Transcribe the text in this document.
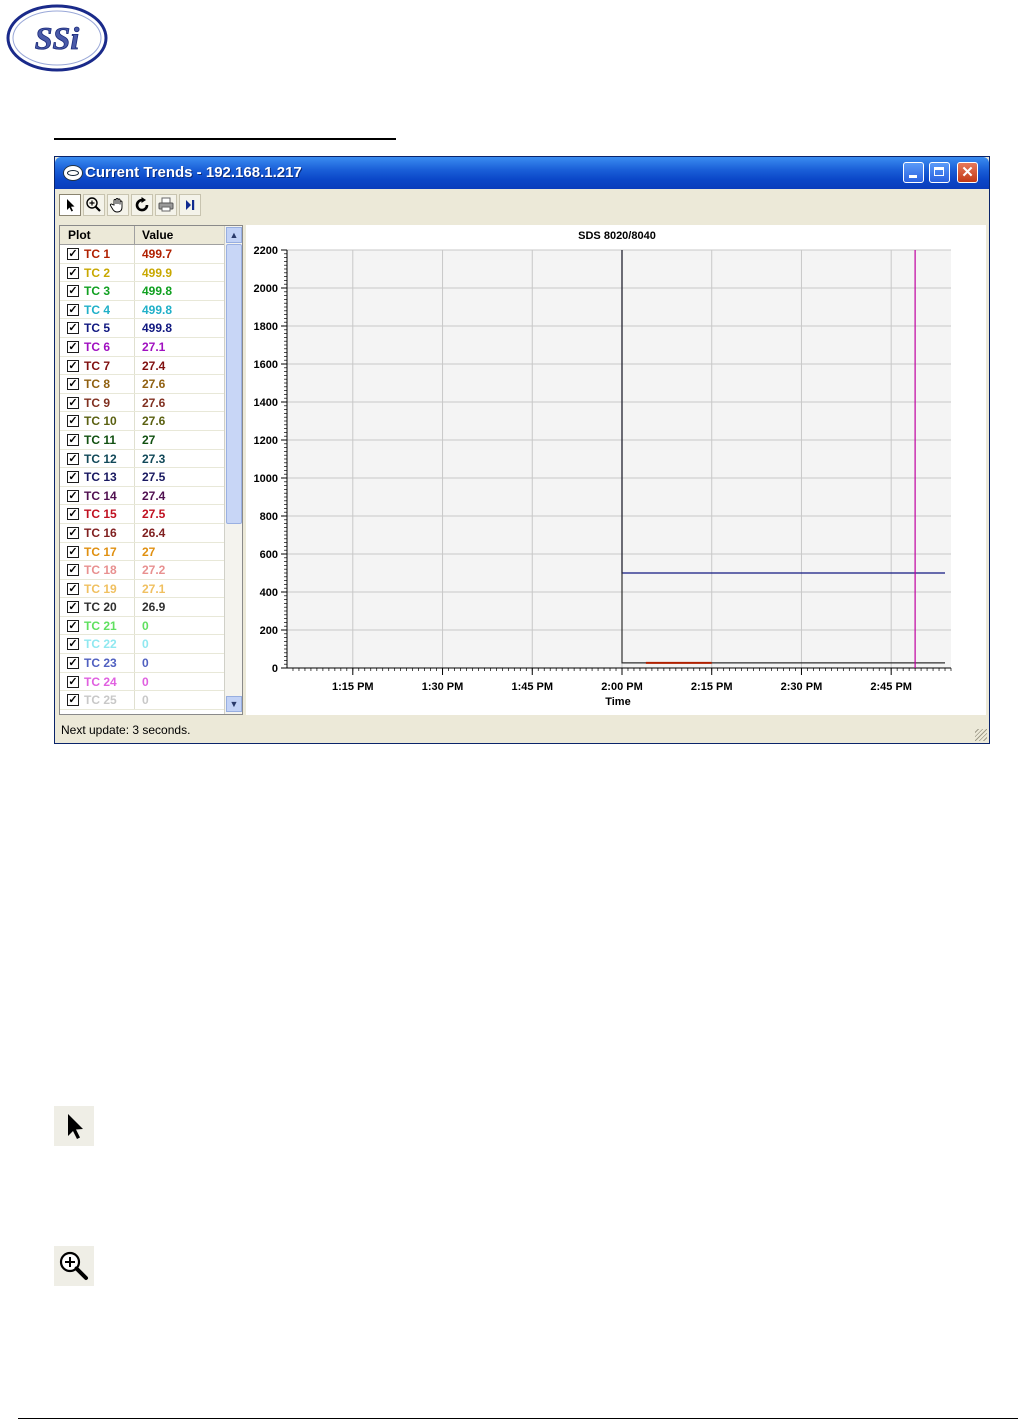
SSi
Current Trends - 192.168.1.217	✕
Plot	Value
✓ TC 1	499.7
✓ TC 2	499.9
✓ TC 3	499.8
✓ TC 4	499.8
✓ TC 5	499.8
✓ TC 6	27.1
✓ TC 7	27.4
✓ TC 8	27.6
✓ TC 9	27.6
✓ TC 10 27.6
✓ TC 11 27
✓ TC 12 27.3
✓ TC 13 27.5
✓ TC 14 27.4
✓ TC 15 27.5
✓ TC 16 26.4
✓ TC 17 27
✓ TC 18 27.2
✓ TC 19 27.1
✓ TC 20 26.9
✓ TC 21 0
✓ TC 22 0
✓ TC 23 0
✓ TC 24 0
✓ TC 25 0
▲
▼
SDS 8020/8040
0
200
400
600
800
1000
1200
1400
1600
1800
2000
2200
1:15 PM	1:30 PM	1:45 PM	2:00 PM	2:15 PM	2:30 PM	2:45 PM
Time
Next update: 3 seconds.
